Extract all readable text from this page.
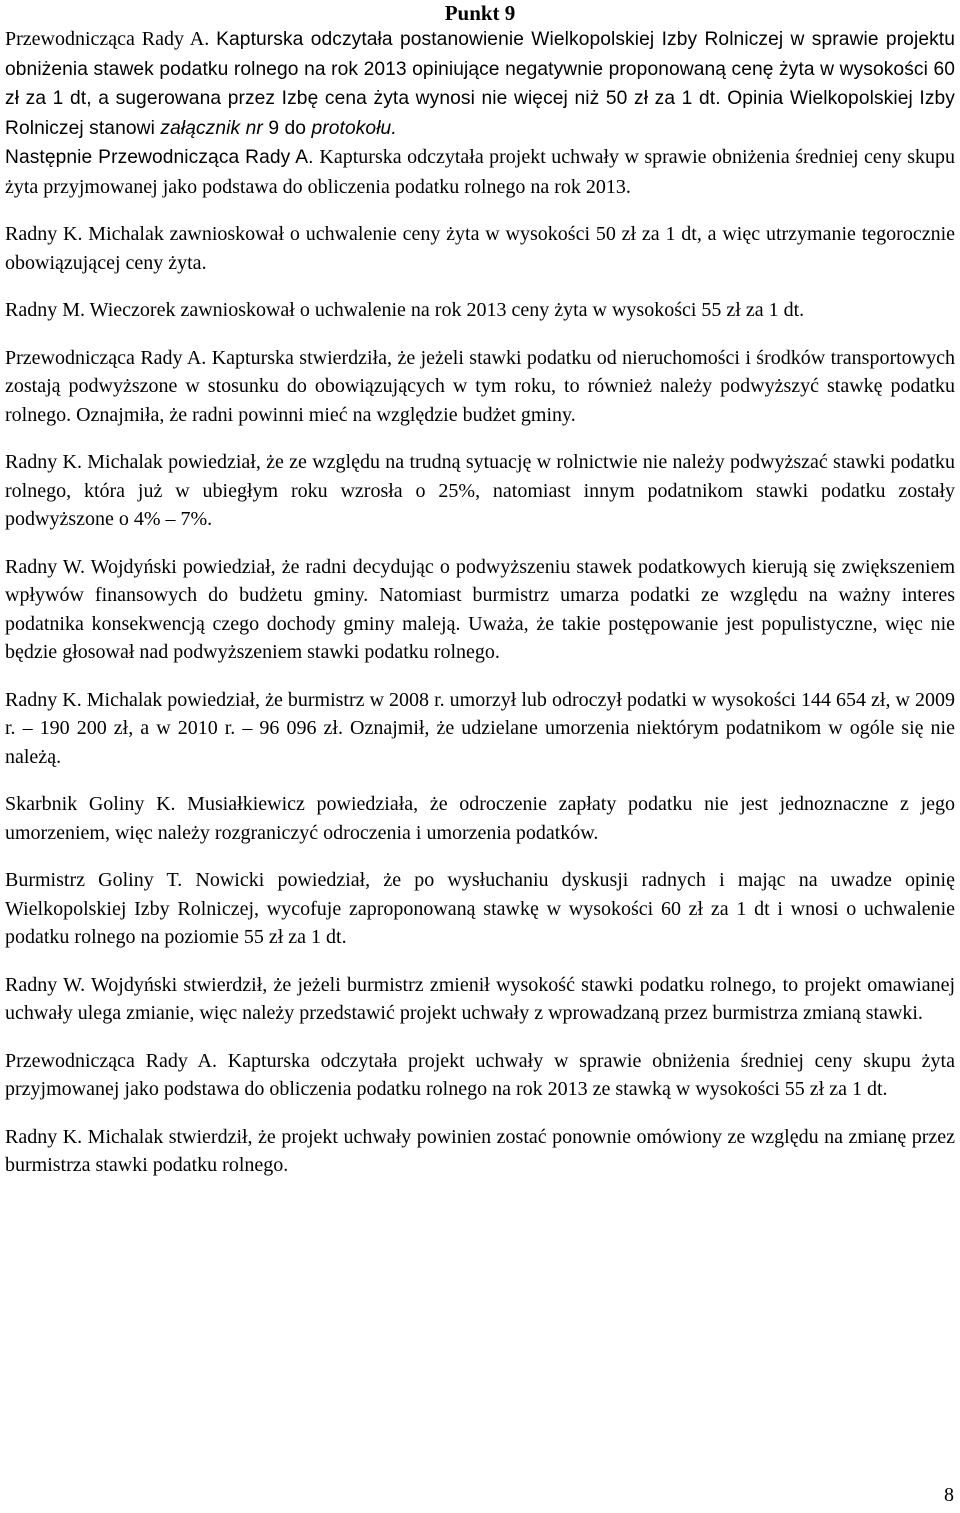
Punkt 9

Przewodnicząca Rady A. Kapturska odczytała postanowienie Wielkopolskiej Izby Rolniczej w sprawie projektu obniżenia stawek podatku rolnego na rok 2013 opiniujące negatywnie proponowaną cenę żyta w wysokości 60 zł za 1 dt, a sugerowana przez Izbę cena żyta wynosi nie więcej niż 50 zł za 1 dt. Opinia Wielkopolskiej Izby Rolniczej stanowi załącznik nr 9 do protokołu.

Następnie Przewodnicząca Rady A. Kapturska odczytała projekt uchwały w sprawie obniżenia średniej ceny skupu żyta przyjmowanej jako podstawa do obliczenia podatku rolnego na rok 2013.

Radny K. Michalak zawnioskował o uchwalenie ceny żyta w wysokości 50 zł za 1 dt, a więc utrzymanie tegorocznie obowiązującej ceny żyta.

Radny M. Wieczorek zawnioskował o uchwalenie na rok 2013 ceny żyta w wysokości 55 zł za 1 dt.

Przewodnicząca Rady A. Kapturska stwierdziła, że jeżeli stawki podatku od nieruchomości i środków transportowych zostają podwyższone w stosunku do obowiązujących w tym roku, to również należy podwyższyć stawkę podatku rolnego. Oznajmiła, że radni powinni mieć na względzie budżet gminy.

Radny K. Michalak powiedział, że ze względu na trudną sytuację w rolnictwie nie należy podwyższać stawki podatku rolnego, która już w ubiegłym roku wzrosła o 25%, natomiast innym podatnikom stawki podatku zostały podwyższone o 4% – 7%.

Radny W. Wojdyński powiedział, że radni decydując o podwyższeniu stawek podatkowych kierują się zwiększeniem wpływów finansowych do budżetu gminy. Natomiast burmistrz umarza podatki ze względu na ważny interes podatnika konsekwencją czego dochody gminy maleją. Uważa, że takie postępowanie jest populistyczne, więc nie będzie głosował nad podwyższeniem stawki podatku rolnego.

Radny K. Michalak powiedział, że burmistrz w 2008 r. umorzył lub odroczył podatki w wysokości 144 654 zł, w 2009 r. – 190 200 zł, a w 2010 r. – 96 096 zł. Oznajmił, że udzielane umorzenia niektórym podatnikom w ogóle się nie należą.

Skarbnik Goliny K. Musiałkiewicz powiedziała, że odroczenie zapłaty podatku nie jest jednoznaczne z jego umorzeniem, więc należy rozgraniczyć odroczenia i umorzenia podatków.

Burmistrz Goliny T. Nowicki powiedział, że po wysłuchaniu dyskusji radnych i mając na uwadze opinię Wielkopolskiej Izby Rolniczej, wycofuje zaproponowaną stawkę w wysokości 60 zł za 1 dt i wnosi o uchwalenie podatku rolnego na poziomie 55 zł za 1 dt.

Radny W. Wojdyński stwierdził, że jeżeli burmistrz zmienił wysokość stawki podatku rolnego, to projekt omawianej uchwały ulega zmianie, więc należy przedstawić projekt uchwały z wprowadzaną przez burmistrza zmianą stawki.

Przewodnicząca Rady A. Kapturska odczytała projekt uchwały w sprawie obniżenia średniej ceny skupu żyta przyjmowanej jako podstawa do obliczenia podatku rolnego na rok 2013 ze stawką w wysokości 55 zł za 1 dt.

Radny K. Michalak stwierdził, że projekt uchwały powinien zostać ponownie omówiony ze względu na zmianę przez burmistrza stawki podatku rolnego.

8
